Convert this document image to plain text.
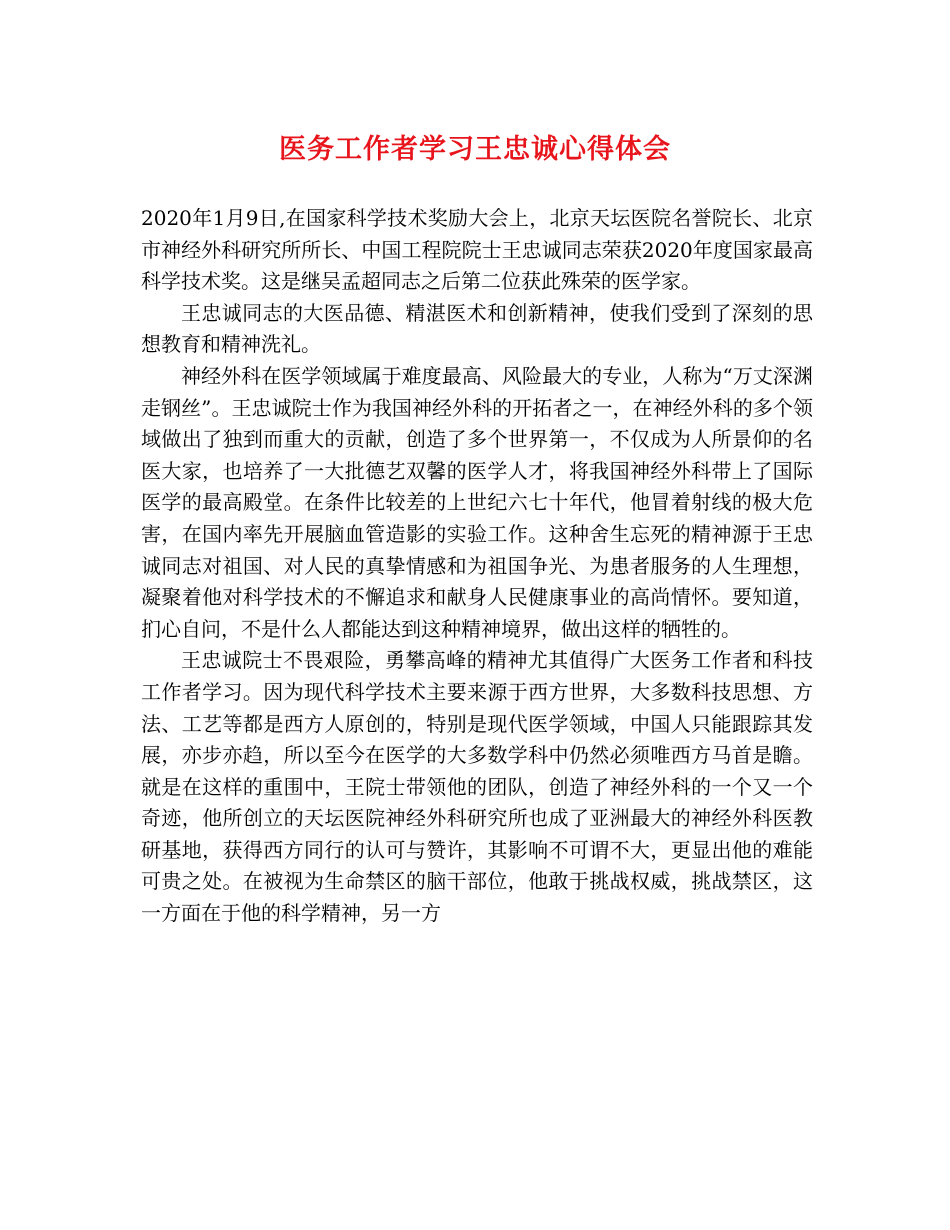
医务工作者学习王忠诚心得体会

2020年1月9日,在国家科学技术奖励大会上，北京天坛医院名誉院长、北京市神经外科研究所所长、中国工程院院士王忠诚同志荣获2020年度国家最高科学技术奖。这是继吴孟超同志之后第二位获此殊荣的医学家。

王忠诚同志的大医品德、精湛医术和创新精神，使我们受到了深刻的思想教育和精神洗礼。

神经外科在医学领域属于难度最高、风险最大的专业，人称为“万丈深渊走钢丝”。王忠诚院士作为我国神经外科的开拓者之一，在神经外科的多个领域做出了独到而重大的贡献，创造了多个世界第一，不仅成为人所景仰的名医大家，也培养了一大批德艺双馨的医学人才，将我国神经外科带上了国际医学的最高殿堂。在条件比较差的上世纪六七十年代，他冒着射线的极大危害，在国内率先开展脑血管造影的实验工作。这种舍生忘死的精神源于王忠诚同志对祖国、对人民的真挚情感和为祖国争光、为患者服务的人生理想，凝聚着他对科学技术的不懈追求和献身人民健康事业的高尚情怀。要知道，扪心自问，不是什么人都能达到这种精神境界，做出这样的牺牲的。

王忠诚院士不畏艰险，勇攀高峰的精神尤其值得广大医务工作者和科技工作者学习。因为现代科学技术主要来源于西方世界，大多数科技思想、方法、工艺等都是西方人原创的，特别是现代医学领域，中国人只能跟踪其发展，亦步亦趋，所以至今在医学的大多数学科中仍然必须唯西方马首是瞻。就是在这样的重围中，王院士带领他的团队，创造了神经外科的一个又一个奇迹，他所创立的天坛医院神经外科研究所也成了亚洲最大的神经外科医教研基地，获得西方同行的认可与赞许，其影响不可谓不大，更显出他的难能可贵之处。在被视为生命禁区的脑干部位，他敢于挑战权威，挑战禁区，这一方面在于他的科学精神，另一方
